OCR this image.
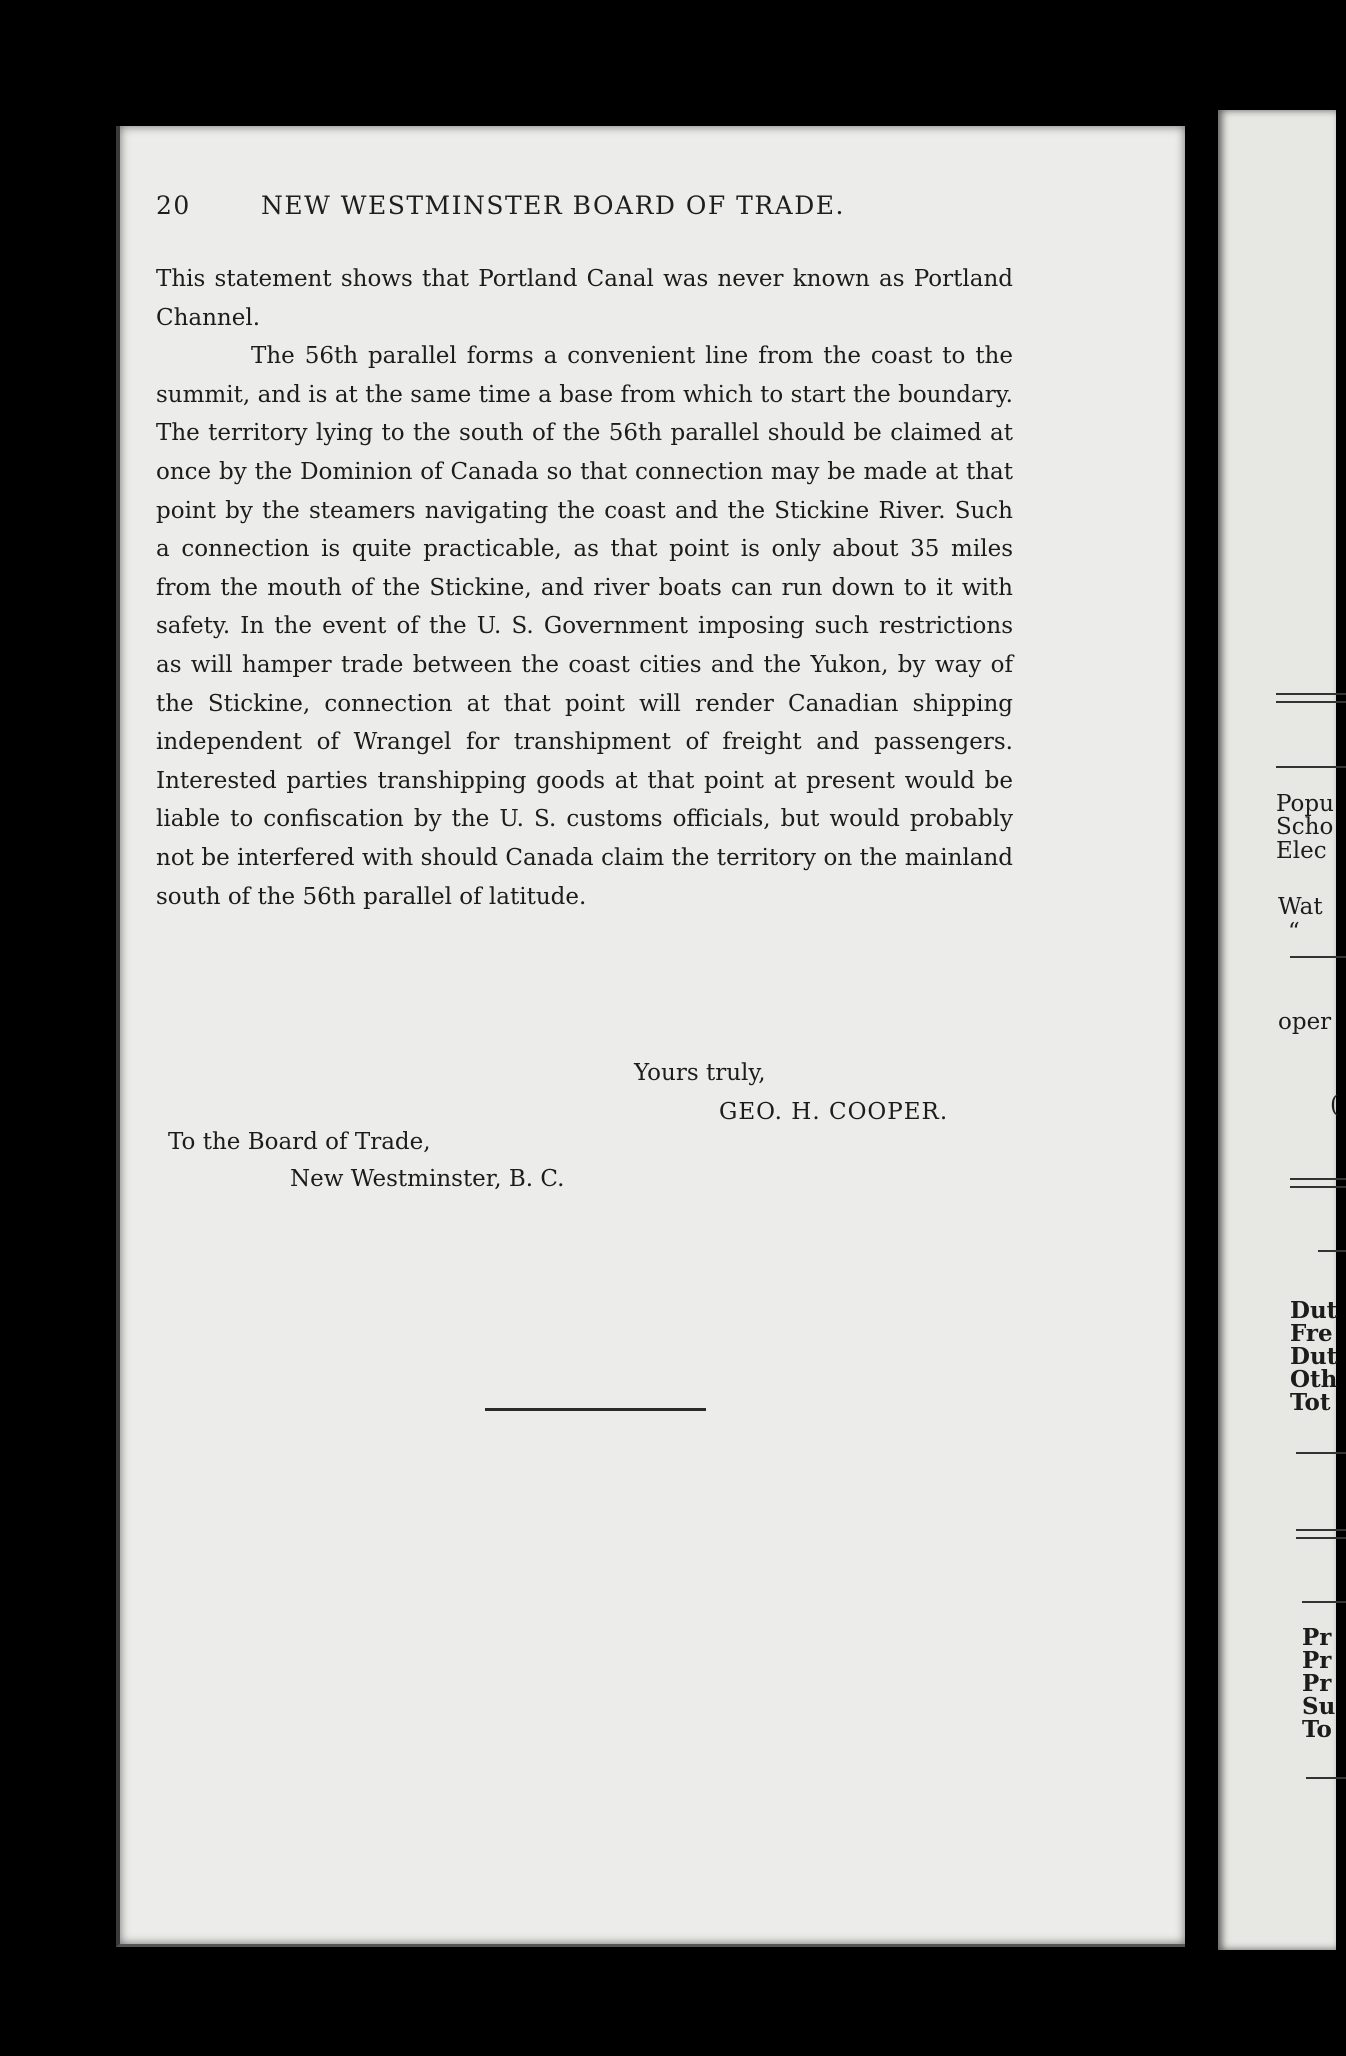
20	NEW WESTMINSTER BOARD OF TRADE.

This statement shows that Portland Canal was never known as Portland Channel.

The 56th parallel forms a convenient line from the coast to the summit, and is at the same time a base from which to start the boundary. The territory lying to the south of the 56th parallel should be claimed at once by the Dominion of Canada so that connection may be made at that point by the steamers navigating the coast and the Stickine River. Such a connection is quite practicable, as that point is only about 35 miles from the mouth of the Stickine, and river boats can run down to it with safety. In the event of the U. S. Government imposing such restrictions as will hamper trade between the coast cities and the Yukon, by way of the Stickine, connection at that point will render Canadian shipping independent of Wrangel for transhipment of freight and passengers. Interested parties transhipping goods at that point at present would be liable to confiscation by the U. S. customs officials, but would probably not be interfered with should Canada claim the territory on the mainland south of the 56th parallel of latitude.

Yours truly,
GEO. H. COOPER.
To the Board of Trade,
New Westminster, B. C.
Popu
Scho
Elec
Wat
“
oper
(
Dut
Fre
Dut
Oth
Tot
Pr
Pr
Pr
Su
To
